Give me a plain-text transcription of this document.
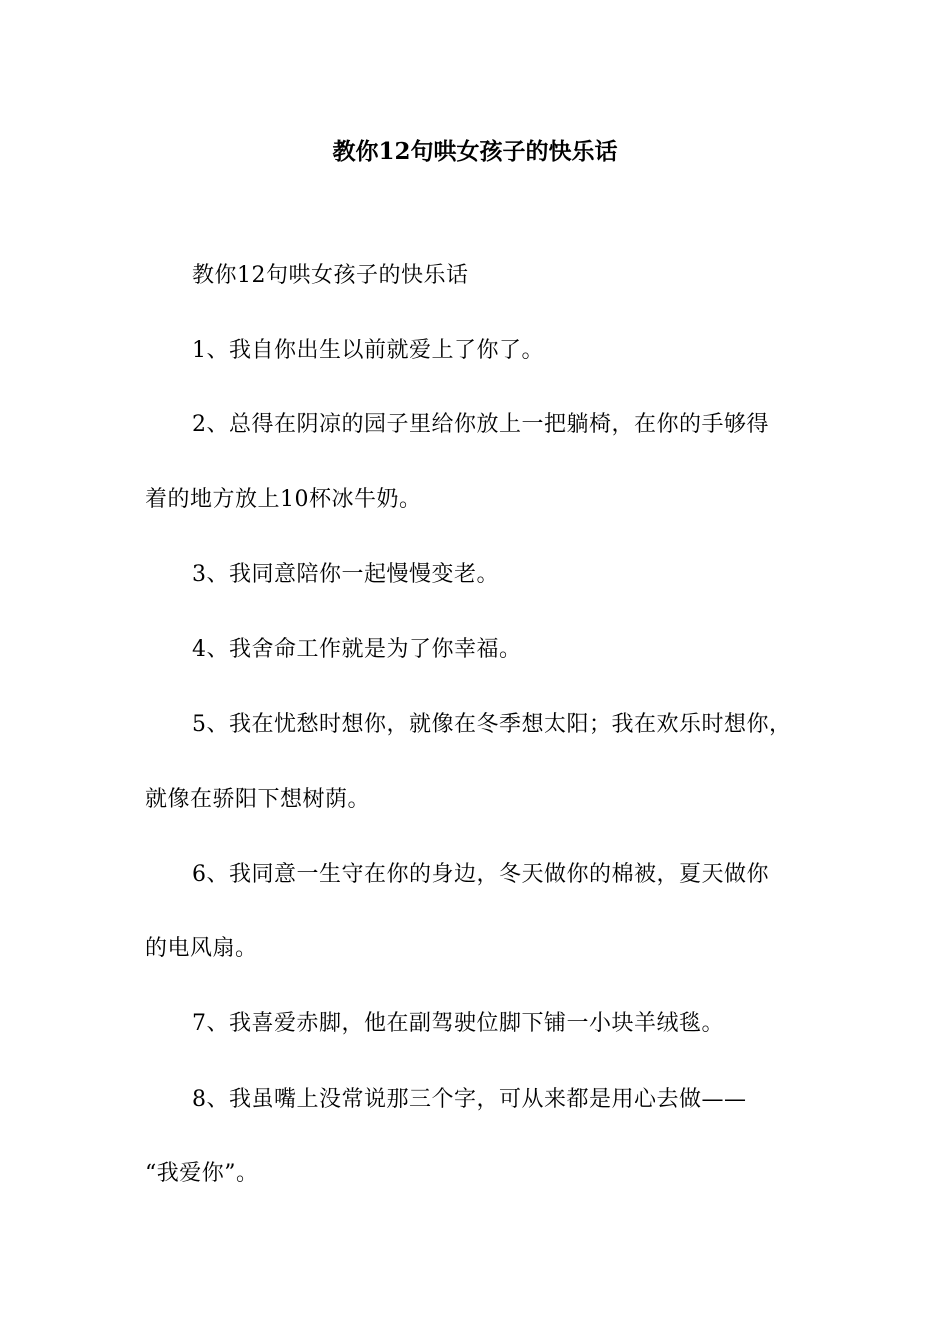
教你12句哄女孩子的快乐话
教你12句哄女孩子的快乐话
1、我自你出生以前就爱上了你了。
2、总得在阴凉的园子里给你放上一把躺椅，在你的手够得
着的地方放上10杯冰牛奶。
3、我同意陪你一起慢慢变老。
4、我舍命工作就是为了你幸福。
5、我在忧愁时想你，就像在冬季想太阳；我在欢乐时想你，
就像在骄阳下想树荫。
6、我同意一生守在你的身边，冬天做你的棉被，夏天做你
的电风扇。
7、我喜爱赤脚，他在副驾驶位脚下铺一小块羊绒毯。
8、我虽嘴上没常说那三个字，可从来都是用心去做——
“我爱你”。
